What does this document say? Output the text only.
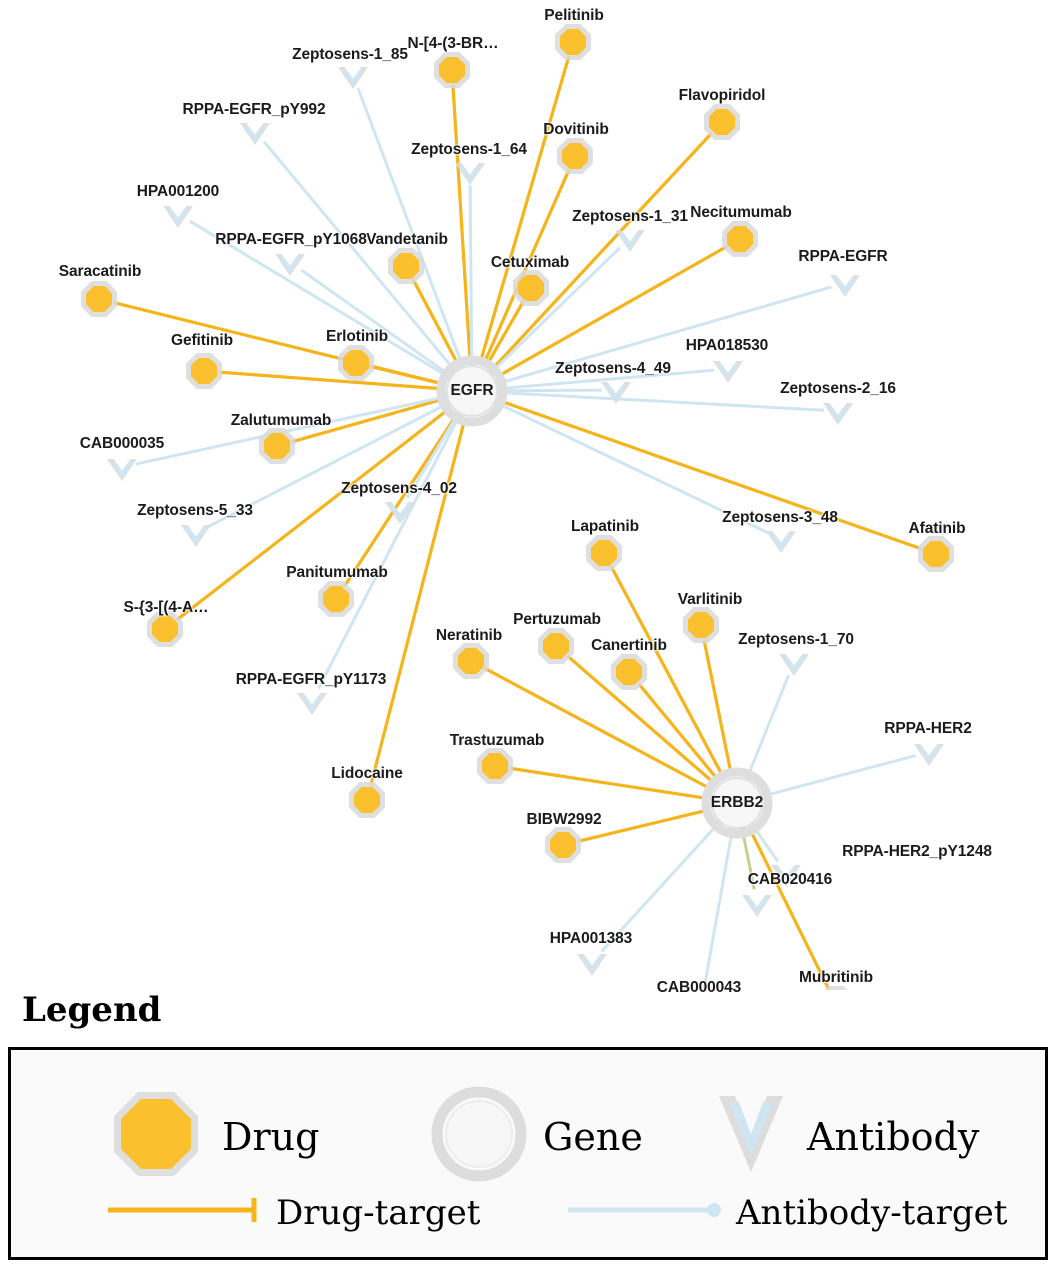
Pelitinib
N-[4-(3-BR…
Flavopiridol
Dovitinib
Necitumumab
Vandetanib
Cetuximab
Saracatinib
Erlotinib
Gefitinib
Zalutumumab
Afatinib
Lapatinib
Panitumumab
Varlitinib
S-{3-[(4-A…
Pertuzumab
Neratinib
Canertinib
Trastuzumab
Lidocaine
BIBW2992
Mubritinib
Zeptosens-1_85
RPPA-EGFR_pY992
Zeptosens-1_64
HPA001200
Zeptosens-1_31
RPPA-EGFR_pY1068
RPPA-EGFR
HPA018530
Zeptosens-4_49
Zeptosens-2_16
CAB000035
Zeptosens-4_02
Zeptosens-5_33	Zeptosens-3_48
Zeptosens-1_70
RPPA-EGFR_pY1173
RPPA-HER2
RPPA-HER2_pY1248
CAB020416
HPA001383
CAB000043
EGFR
ERBB2
Legend
Drug	Gene	Antibody
Drug-target	Antibody-target
